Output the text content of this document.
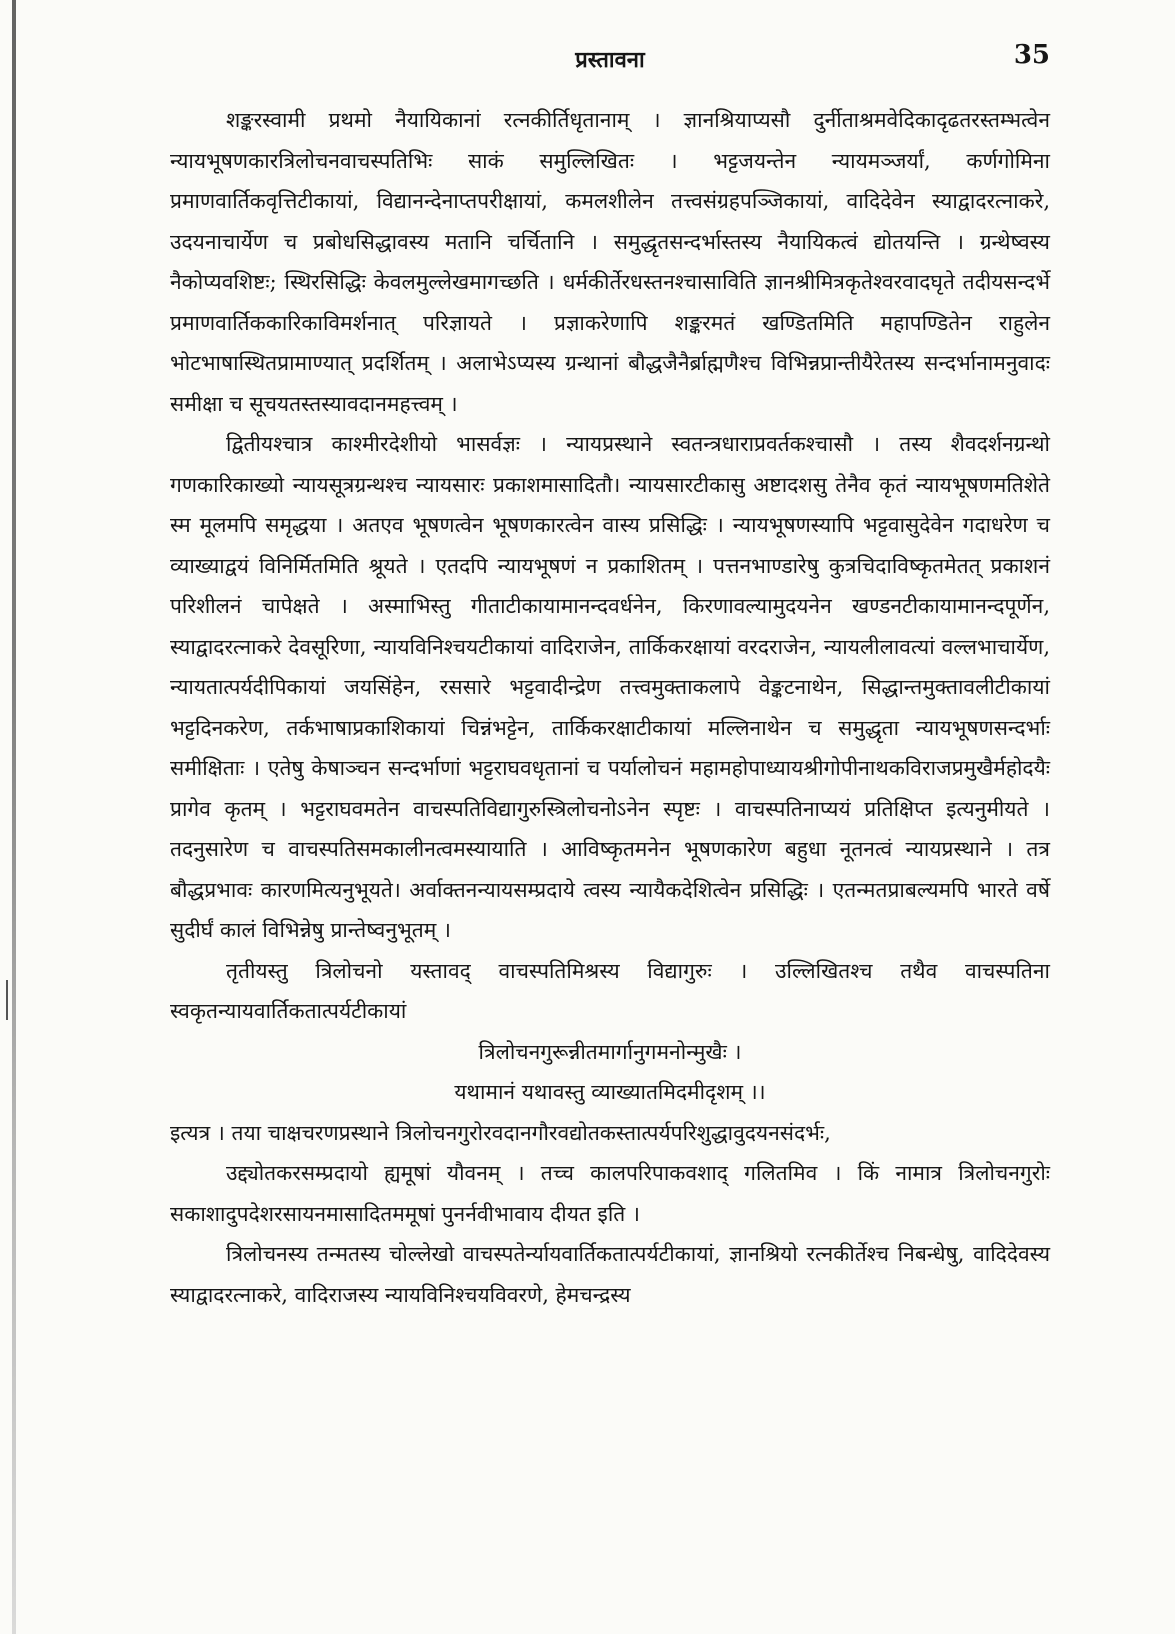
प्रस्तावना	35

शङ्करस्वामी प्रथमो नैयायिकानां रत्नकीर्तिधृतानाम् । ज्ञानश्रियाप्यसौ दुर्नीताश्रमवेदिकादृढतरस्तम्भत्वेन न्यायभूषणकारत्रिलोचनवाचस्पतिभिः साकं समुल्लिखितः । भट्टजयन्तेन न्यायमञ्जर्यां, कर्णगोमिना प्रमाणवार्तिकवृत्तिटीकायां, विद्यानन्देनाप्तपरीक्षायां, कमलशीलेन तत्त्वसंग्रहपञ्जिकायां, वादिदेवेन स्याद्वादरत्नाकरे, उदयनाचार्येण च प्रबोधसिद्धावस्य मतानि चर्चितानि । समुद्धृतसन्दर्भास्तस्य नैयायिकत्वं द्योतयन्ति । ग्रन्थेष्वस्य नैकोप्यवशिष्टः; स्थिरसिद्धिः केवलमुल्लेखमागच्छति । धर्मकीर्तेरधस्तनश्चासाविति ज्ञानश्रीमित्रकृतेश्वरवादघृते तदीयसन्दर्भे प्रमाणवार्तिककारिकाविमर्शनात् परिज्ञायते । प्रज्ञाकरेणापि शङ्करमतं खण्डितमिति महापण्डितेन राहुलेन भोटभाषास्थितप्रामाण्यात् प्रदर्शितम् । अलाभेऽप्यस्य ग्रन्थानां बौद्धजैनैर्ब्राह्मणैश्च विभिन्नप्रान्तीयैरेतस्य सन्दर्भानामनुवादः समीक्षा च सूचयतस्तस्यावदानमहत्त्वम् ।

द्वितीयश्चात्र काश्मीरदेशीयो भासर्वज्ञः । न्यायप्रस्थाने स्वतन्त्रधाराप्रवर्तकश्चासौ । तस्य शैवदर्शनग्रन्थो गणकारिकाख्यो न्यायसूत्रग्रन्थश्च न्यायसारः प्रकाशमासादितौ। न्यायसारटीकासु अष्टादशसु तेनैव कृतं न्यायभूषणमतिशेते स्म मूलमपि समृद्धया । अतएव भूषणत्वेन भूषणकारत्वेन वास्य प्रसिद्धिः । न्यायभूषणस्यापि भट्टवासुदेवेन गदाधरेण च व्याख्याद्वयं विनिर्मितमिति श्रूयते । एतदपि न्यायभूषणं न प्रकाशितम् । पत्तनभाण्डारेषु कुत्रचिदाविष्कृतमेतत् प्रकाशनं परिशीलनं चापेक्षते । अस्माभिस्तु गीताटीकायामानन्दवर्धनेन, किरणावल्यामुदयनेन खण्डनटीकायामानन्दपूर्णेन, स्याद्वादरत्नाकरे देवसूरिणा, न्यायविनिश्चयटीकायां वादिराजेन, तार्किकरक्षायां वरदराजेन, न्यायलीलावत्यां वल्लभाचार्येण, न्यायतात्पर्यदीपिकायां जयसिंहेन, रससारे भट्टवादीन्द्रेण तत्त्वमुक्ताकलापे वेङ्कटनाथेन, सिद्धान्तमुक्तावलीटीकायां भट्टदिनकरेण, तर्कभाषाप्रकाशिकायां चिन्नंभट्टेन, तार्किकरक्षाटीकायां मल्लिनाथेन च समुद्धृता न्यायभूषणसन्दर्भाः समीक्षिताः । एतेषु केषाञ्चन सन्दर्भाणां भट्टराघवधृतानां च पर्यालोचनं महामहोपाध्यायश्रीगोपीनाथकविराजप्रमुखैर्महोदयैः प्रागेव कृतम् । भट्टराघवमतेन वाचस्पतिविद्यागुरुस्त्रिलोचनोऽनेन स्पृष्टः । वाचस्पतिनाप्ययं प्रतिक्षिप्त इत्यनुमीयते । तदनुसारेण च वाचस्पतिसमकालीनत्वमस्यायाति । आविष्कृतमनेन भूषणकारेण बहुधा नूतनत्वं न्यायप्रस्थाने । तत्र बौद्धप्रभावः कारणमित्यनुभूयते। अर्वाक्तनन्यायसम्प्रदाये त्वस्य न्यायैकदेशित्वेन प्रसिद्धिः । एतन्मतप्राबल्यमपि भारते वर्षे सुदीर्घं कालं विभिन्नेषु प्रान्तेष्वनुभूतम् ।

तृतीयस्तु त्रिलोचनो यस्तावद् वाचस्पतिमिश्रस्य विद्यागुरुः । उल्लिखितश्च तथैव वाचस्पतिना स्वकृतन्यायवार्तिकतात्पर्यटीकायां

त्रिलोचनगुरून्नीतमार्गानुगमनोन्मुखैः ।
यथामानं यथावस्तु व्याख्यातमिदमीदृशम् ।।

इत्यत्र । तया चाक्षचरणप्रस्थाने त्रिलोचनगुरोरवदानगौरवद्योतकस्तात्पर्यपरिशुद्धावुदयनसंदर्भः,

उद्द्योतकरसम्प्रदायो ह्यमूषां यौवनम् । तच्च कालपरिपाकवशाद् गलितमिव । किं नामात्र त्रिलोचनगुरोः सकाशादुपदेशरसायनमासादितममूषां पुनर्नवीभावाय दीयत इति ।

त्रिलोचनस्य तन्मतस्य चोल्लेखो वाचस्पतेर्न्यायवार्तिकतात्पर्यटीकायां, ज्ञानश्रियो रत्नकीर्तेश्च निबन्धेषु, वादिदेवस्य स्याद्वादरत्नाकरे, वादिराजस्य न्यायविनिश्चयविवरणे, हेमचन्द्रस्य
